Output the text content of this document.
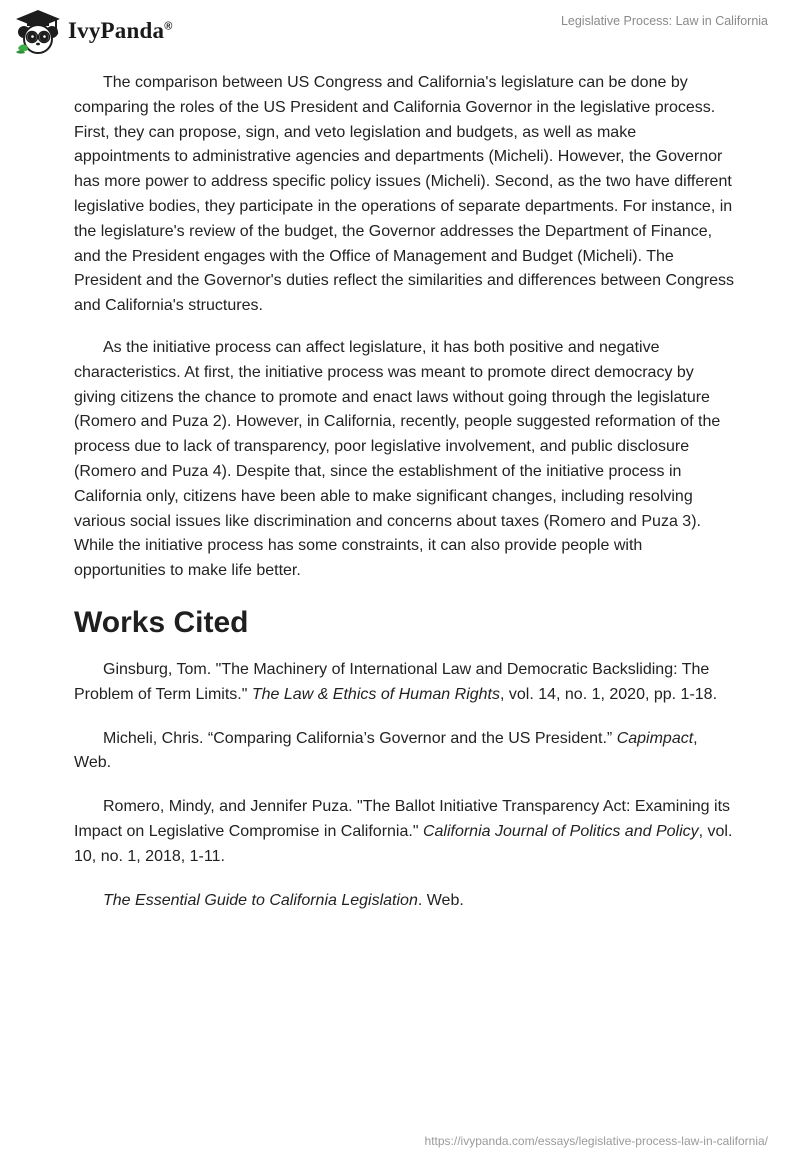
IvyPanda®	Legislative Process: Law in California

The comparison between US Congress and California's legislature can be done by comparing the roles of the US President and California Governor in the legislative process. First, they can propose, sign, and veto legislation and budgets, as well as make appointments to administrative agencies and departments (Micheli). However, the Governor has more power to address specific policy issues (Micheli). Second, as the two have different legislative bodies, they participate in the operations of separate departments. For instance, in the legislature's review of the budget, the Governor addresses the Department of Finance, and the President engages with the Office of Management and Budget (Micheli). The President and the Governor's duties reflect the similarities and differences between Congress and California's structures.

As the initiative process can affect legislature, it has both positive and negative characteristics. At first, the initiative process was meant to promote direct democracy by giving citizens the chance to promote and enact laws without going through the legislature (Romero and Puza 2). However, in California, recently, people suggested reformation of the process due to lack of transparency, poor legislative involvement, and public disclosure (Romero and Puza 4). Despite that, since the establishment of the initiative process in California only, citizens have been able to make significant changes, including resolving various social issues like discrimination and concerns about taxes (Romero and Puza 3). While the initiative process has some constraints, it can also provide people with opportunities to make life better.

Works Cited

Ginsburg, Tom. "The Machinery of International Law and Democratic Backsliding: The Problem of Term Limits." The Law & Ethics of Human Rights, vol. 14, no. 1, 2020, pp. 1-18.

Micheli, Chris. “Comparing California’s Governor and the US President.” Capimpact, Web.

Romero, Mindy, and Jennifer Puza. "The Ballot Initiative Transparency Act: Examining its Impact on Legislative Compromise in California." California Journal of Politics and Policy, vol. 10, no. 1, 2018, 1-11.

The Essential Guide to California Legislation. Web.

https://ivypanda.com/essays/legislative-process-law-in-california/
